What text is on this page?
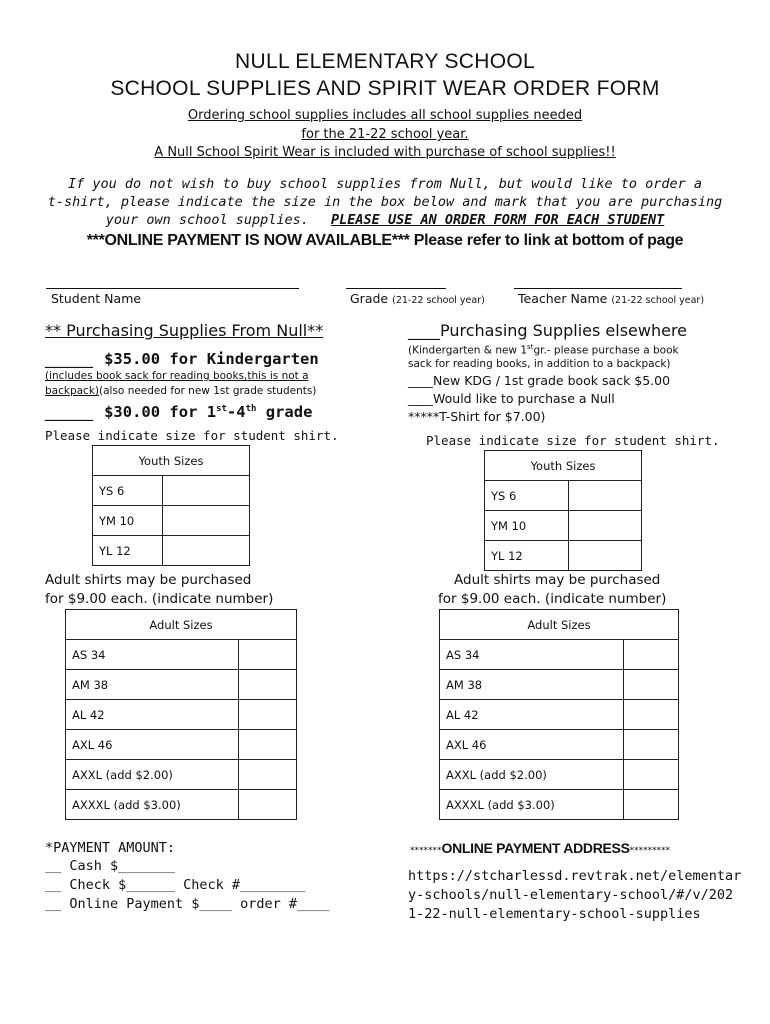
NULL ELEMENTARY SCHOOL
SCHOOL SUPPLIES AND SPIRIT WEAR ORDER FORM
Ordering school supplies includes all school supplies needed
for the 21-22 school year.
A Null School Spirit Wear is included with purchase of school supplies!!
If you do not wish to buy school supplies from Null, but would like to order a
t-shirt, please indicate the size in the box below and mark that you are purchasing
your own school supplies. PLEASE USE AN ORDER FORM FOR EACH STUDENT
***ONLINE PAYMENT IS NOW AVAILABLE*** Please refer to link at bottom of page
Student Name	Grade (21-22 school year)	Teacher Name (21-22 school year)
** Purchasing Supplies From Null**
______ $35.00 for Kindergarten
(includes book sack for reading books,this is not a
backpack)(also needed for new 1st grade students)
______ $30.00 for 1st-4th grade
Please indicate size for student shirt.
Youth Sizes	
YS 6	
YM 10	
YL 12	
Adult shirts may be purchased
for $9.00 each. (indicate number)
Adult Sizes	
AS 34	
AM 38	
AL 42	
AXL 46	
AXXL (add $2.00)	
AXXXL (add $3.00)	
*PAYMENT AMOUNT:
__ Cash $_______
__ Check $______ Check #________
__ Online Payment $____ order #____
____Purchasing Supplies elsewhere
(Kindergarten & new 1stgr.- please purchase a book
sack for reading books, in addition to a backpack)
____New KDG / 1st grade book sack $5.00
____Would like to purchase a Null
*****T-Shirt for $7.00)
Please indicate size for student shirt.
Youth Sizes	
YS 6	
YM 10	
YL 12	
Adult shirts may be purchased
for $9.00 each. (indicate number)
Adult Sizes	
AS 34	
AM 38	
AL 42	
AXL 46	
AXXL (add $2.00)	
AXXXL (add $3.00)	
*******ONLINE PAYMENT ADDRESS*********
https://stcharlessd.revtrak.net/elementar
y-schools/null-elementary-school/#/v/202
1-22-null-elementary-school-supplies
